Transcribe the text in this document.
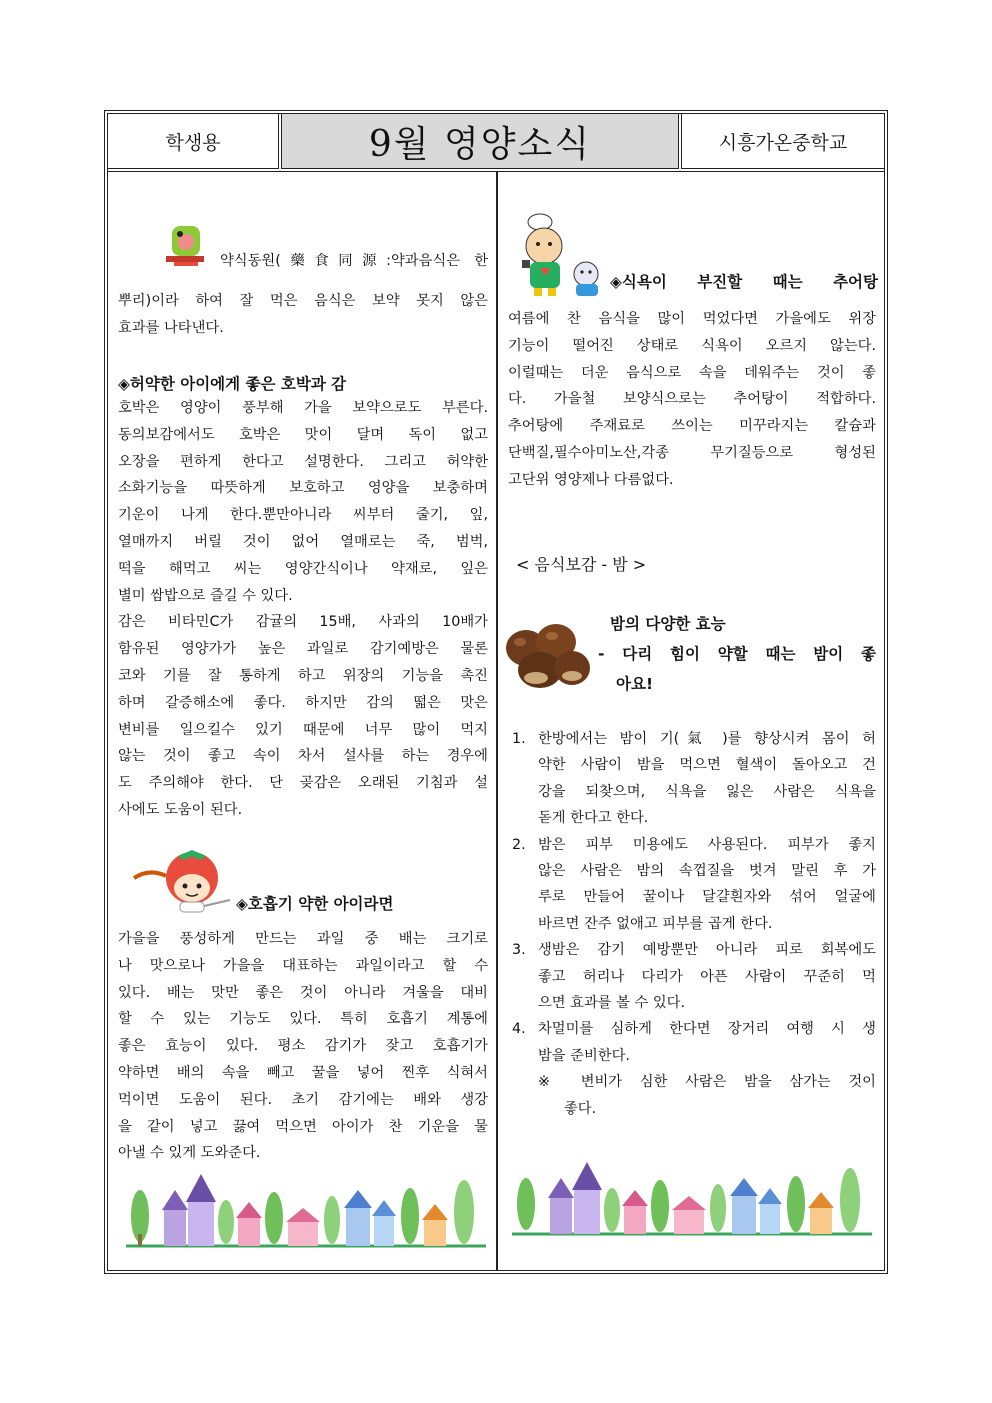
학생용	9월 영양소식	시흥가온중학교

약식동원(藥食同源:약과음식은 한

뿌리)이라 하여 잘 먹은 음식은 보약 못지 않은

효과를 나타낸다.

◈허약한 아이에게 좋은 호박과 감

호박은 영양이 풍부해 가을 보약으로도 부른다.

동의보감에서도 호박은 맛이 달며 독이 없고

오장을 편하게 한다고 설명한다. 그리고 허약한

소화기능을 따뜻하게 보호하고 영양을 보충하며

기운이 나게 한다.뿐만아니라 씨부터 줄기, 잎,

열매까지 버릴 것이 없어 열매로는 죽, 범벅,

떡을 해먹고 씨는 영양간식이나 약재로, 잎은

별미 쌈밥으로 즐길 수 있다.

감은 비타민C가 감귤의 15배, 사과의 10배가

함유된 영양가가 높은 과일로 감기예방은 물론

코와 기를 잘 통하게 하고 위장의 기능을 촉진

하며 갈증해소에 좋다. 하지만 감의 떫은 맛은

변비를 일으킬수 있기 때문에 너무 많이 먹지

않는 것이 좋고 속이 차서 설사를 하는 경우에

도 주의해야 한다. 단 곶감은 오래된 기침과 설

사에도 도움이 된다.

◈호흡기 약한 아이라면

가을을 풍성하게 만드는 과일 중 배는 크기로

나 맛으로나 가을을 대표하는 과일이라고 할 수

있다. 배는 맛만 좋은 것이 아니라 겨울을 대비

할 수 있는 기능도 있다. 특히 호흡기 계통에

좋은 효능이 있다. 평소 감기가 잦고 호흡기가

약하면 배의 속을 빼고 꿀을 넣어 찐후 식혀서

먹이면 도움이 된다. 초기 감기에는 배와 생강

을 같이 넣고 끓여 먹으면 아이가 찬 기운을 물

아낼 수 있게 도와준다.

◈식욕이 부진할 때는 추어탕

여름에 찬 음식을 많이 먹었다면 가을에도 위장

기능이 떨어진 상태로 식욕이 오르지 않는다.

이럴때는 더운 음식으로 속을 데워주는 것이 좋

다. 가을철 보양식으로는 추어탕이 적합하다.

추어탕에 주재료로 쓰이는 미꾸라지는 칼슘과

단백질,필수아미노산,각종 무기질등으로 형성된

고단위 영양제나 다름없다.

< 음식보감 - 밤 >
밤의 다양한 효능
- 다리 힘이 약할 때는 밤이 좋
아요!
1. 한방에서는 밤이 기(氣 )를 향상시켜 몸이 허

약한 사람이 밤을 먹으면 혈색이 돌아오고 건

강을 되찾으며, 식욕을 잃은 사람은 식욕을

돋게 한다고 한다.

2. 밤은 피부 미용에도 사용된다. 피부가 좋지

않은 사람은 밤의 속껍질을 벗겨 말린 후 가

루로 만들어 꿀이나 달걀흰자와 섞어 얼굴에

바르면 잔주 없애고 피부를 곱게 한다.

3. 생밤은 감기 예방뿐만 아니라 피로 회복에도

좋고 허리나 다리가 아픈 사람이 꾸준히 먹

으면 효과를 볼 수 있다.

4. 차멀미를 심하게 한다면 장거리 여행 시 생

밤을 준비한다.

※ 변비가 심한 사람은 밤을 삼가는 것이

좋다.
